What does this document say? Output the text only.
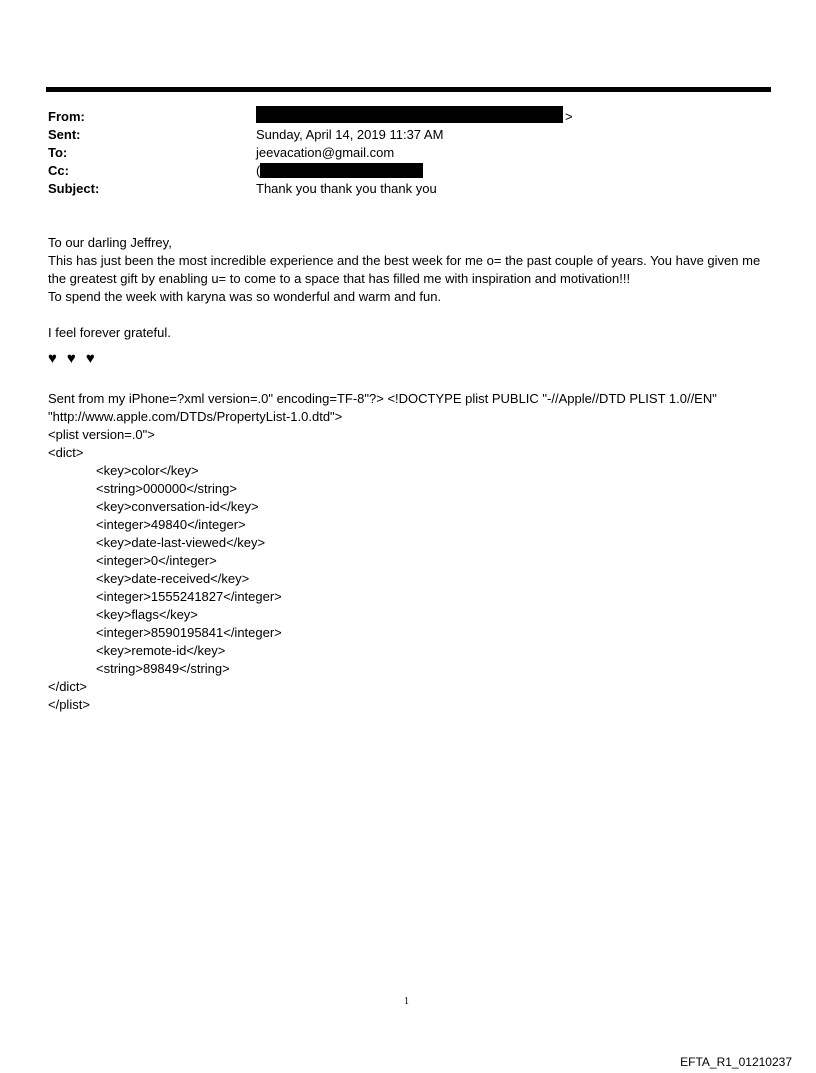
From:	>
Sent:	Sunday, April 14, 2019 11:37 AM
To:	jeevacation@gmail.com
Cc:	(
Subject:	Thank you thank you thank you

To our darling Jeffrey,

This has just been the most incredible experience and the best week for me o= the past couple of years. You have given me the greatest gift by enabling u= to come to a space that has filled me with inspiration and motivation!!!

To spend the week with karyna was so wonderful and warm and fun.

I feel forever grateful.

♥♥♥

Sent from my iPhone=?xml version=.0" encoding=TF-8"?> <!DOCTYPE plist PUBLIC "-//Apple//DTD PLIST 1.0//EN" "http://www.apple.com/DTDs/PropertyList-1.0.dtd">

<plist version=.0">
<dict>
<key>color</key>
<string>000000</string>
<key>conversation-id</key>
<integer>49840</integer>
<key>date-last-viewed</key>
<integer>0</integer>
<key>date-received</key>
<integer>1555241827</integer>
<key>flags</key>
<integer>8590195841</integer>
<key>remote-id</key>
<string>89849</string>
</dict>
</plist>
1
EFTA_R1_01210237
